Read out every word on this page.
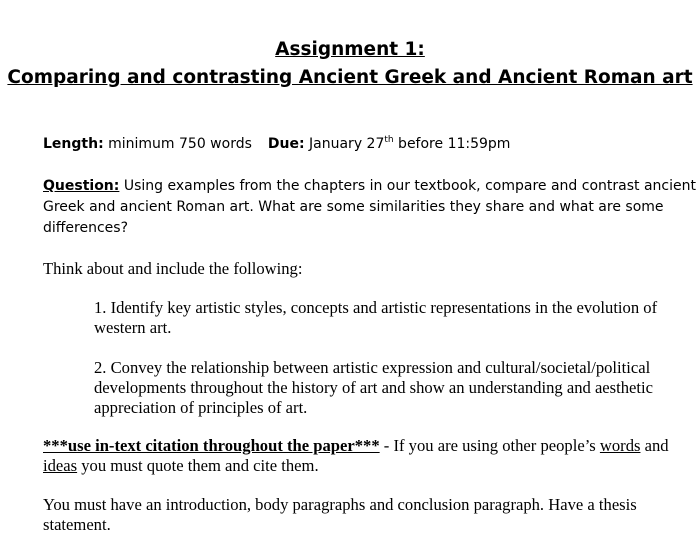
Assignment 1:
Comparing and contrasting Ancient Greek and Ancient Roman art
Length: minimum 750 words Due: January 27th before 11:59pm
Question: Using examples from the chapters in our textbook, compare and contrast ancient
Greek and ancient Roman art. What are some similarities they share and what are some
differences?
Think about and include the following:
1. Identify key artistic styles, concepts and artistic representations in the evolution of
western art.
2. Convey the relationship between artistic expression and cultural/societal/political
developments throughout the history of art and show an understanding and aesthetic
appreciation of principles of art.
***use in-text citation throughout the paper*** - If you are using other people’s words and
ideas you must quote them and cite them.
You must have an introduction, body paragraphs and conclusion paragraph. Have a thesis
statement.
